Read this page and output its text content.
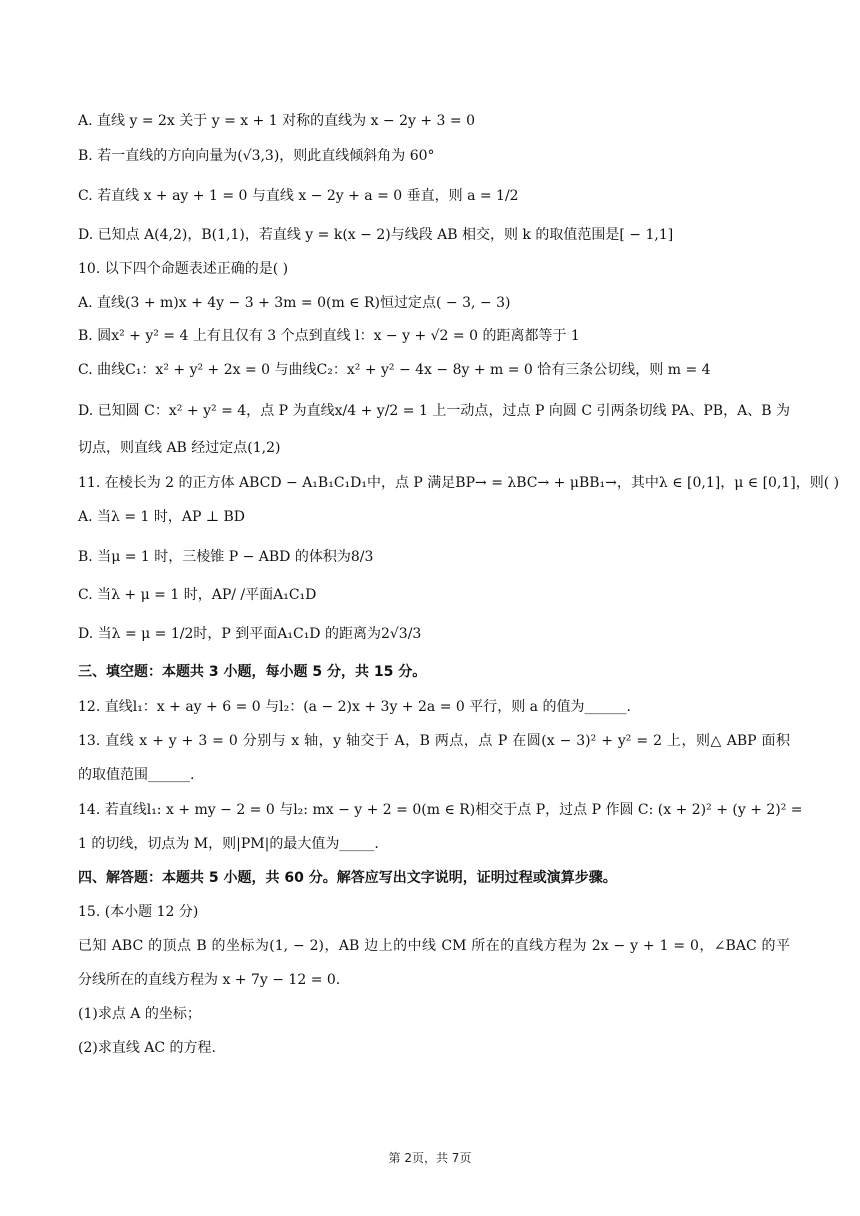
A. 直线 y = 2x 关于 y = x + 1 对称的直线为 x − 2y + 3 = 0
B. 若一直线的方向向量为(√3,3)，则此直线倾斜角为 60°
C. 若直线 x + ay + 1 = 0 与直线 x − 2y + a = 0 垂直，则 a = 1/2
D. 已知点 A(4,2)，B(1,1)，若直线 y = k(x − 2)与线段 AB 相交，则 k 的取值范围是[ − 1,1]
10. 以下四个命题表述正确的是( )
A. 直线(3 + m)x + 4y − 3 + 3m = 0(m ∈ R)恒过定点( − 3, − 3)
B. 圆x² + y² = 4 上有且仅有 3 个点到直线 l：x − y + √2 = 0 的距离都等于 1
C. 曲线C₁：x² + y² + 2x = 0 与曲线C₂：x² + y² − 4x − 8y + m = 0 恰有三条公切线，则 m = 4
D. 已知圆 C：x² + y² = 4，点 P 为直线x/4 + y/2 = 1 上一动点，过点 P 向圆 C 引两条切线 PA、PB，A、B 为
切点，则直线 AB 经过定点(1,2)
11. 在棱长为 2 的正方体 ABCD − A₁B₁C₁D₁中，点 P 满足BP→ = λBC→ + μBB₁→，其中λ ∈ [0,1]，μ ∈ [0,1]，则( )
A. 当λ = 1 时，AP ⊥ BD
B. 当μ = 1 时，三棱锥 P − ABD 的体积为8/3
C. 当λ + μ = 1 时，AP/ /平面A₁C₁D
D. 当λ = μ = 1/2时，P 到平面A₁C₁D 的距离为2√3/3
三、填空题：本题共 3 小题，每小题 5 分，共 15 分。
12. 直线l₁：x + ay + 6 = 0 与l₂：(a − 2)x + 3y + 2a = 0 平行，则 a 的值为______.
13. 直线 x + y + 3 = 0 分别与 x 轴，y 轴交于 A，B 两点，点 P 在圆(x − 3)² + y² = 2 上，则△ ABP 面积
的取值范围______.
14. 若直线l₁: x + my − 2 = 0 与l₂: mx − y + 2 = 0(m ∈ R)相交于点 P，过点 P 作圆 C: (x + 2)² + (y + 2)² =
1 的切线，切点为 M，则|PM|的最大值为_____.
四、解答题：本题共 5 小题，共 60 分。解答应写出文字说明，证明过程或演算步骤。
15. (本小题 12 分)
已知 ABC 的顶点 B 的坐标为(1, − 2)，AB 边上的中线 CM 所在的直线方程为 2x − y + 1 = 0，∠BAC 的平
分线所在的直线方程为 x + 7y − 12 = 0.
(1)求点 A 的坐标；
(2)求直线 AC 的方程.
第 2页，共 7页
